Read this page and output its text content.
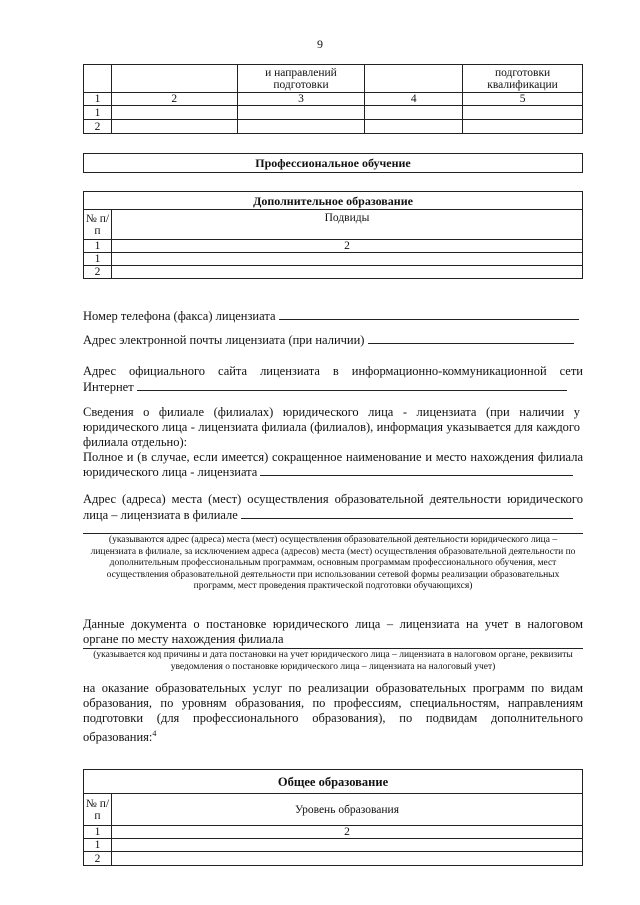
9
		и направлений подготовки		подготовки квалификации
1	2	3	4	5
1				
2				
Профессиональное обучение
Дополнительное образование	
№ п/п	Подвиды
1	2
1	
2	
Номер телефона (факса) лицензиата
Адрес электронной почты лицензиата (при наличии)
Адрес официального сайта лицензиата в информационно-коммуникационной сети
Интернет
Сведения о филиале (филиалах) юридического лица - лицензиата (при наличии у юридического лица - лицензиата филиала (филиалов), информация указывается для каждого филиала отдельно):
Полное и (в случае, если имеется) сокращенное наименование и место нахождения филиала
юридического лица - лицензиата
Адрес (адреса) места (мест) осуществления образовательной деятельности юридического
лица – лицензиата в филиале
(указываются адрес (адреса) места (мест) осуществления образовательной деятельности юридического лица – лицензиата в филиале, за исключением адреса (адресов) места (мест) осуществления образовательной деятельности по дополнительным профессиональным программам, основным программам профессионального обучения, мест осуществления образовательной деятельности при использовании сетевой формы реализации образовательных программ, мест проведения практической подготовки обучающихся)
Данные документа о постановке юридического лица – лицензиата на учет в налоговом органе по месту нахождения филиала
(указывается код причины и дата постановки на учет юридического лица – лицензиата в налоговом органе, реквизиты уведомления о постановке юридического лица – лицензиата на налоговый учет)
на оказание образовательных услуг по реализации образовательных программ по видам образования, по уровням образования, по профессиям, специальностям, направлениям подготовки (для профессионального образования), по подвидам дополнительного образования:$^4$
Общее образование	
№ п/п	Уровень образования
1	2
1	
2	
